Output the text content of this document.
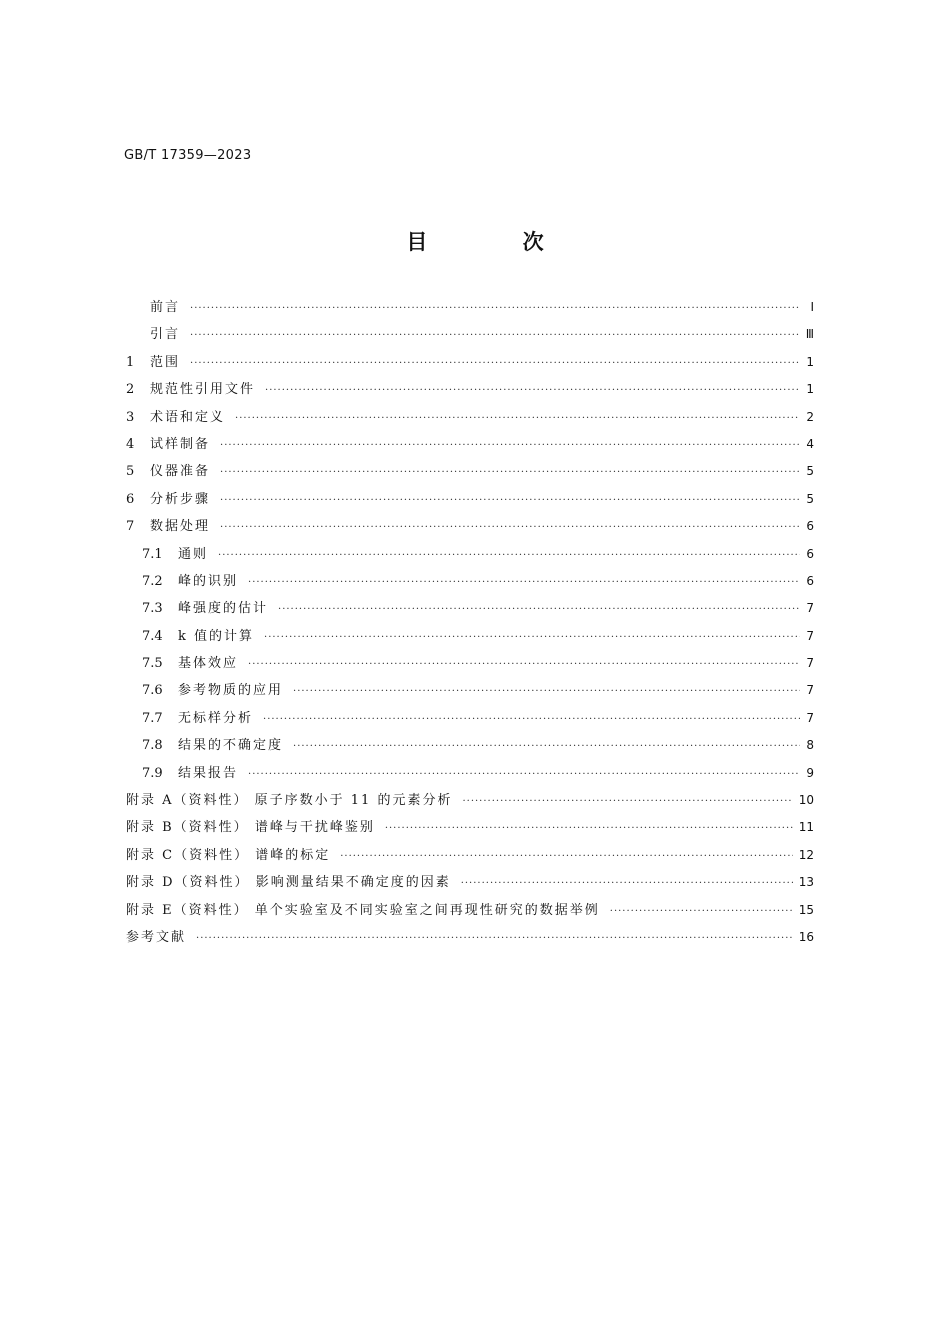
GB/T 17359—2023
目 次
前言 ·····	Ⅰ
引言 ·····	Ⅲ
1	范围 ·····	1
2	规范性引用文件 ·····	1
3	术语和定义 ·····	2
4	试样制备 ·····	4
5	仪器准备 ·····	5
6	分析步骤 ·····	5
7	数据处理 ·····	6
7.1	通则 ·····	6
7.2	峰的识别 ·····	6
7.3	峰强度的估计 ·····	7
7.4	k 值的计算 ·····	7
7.5	基体效应 ·····	7
7.6	参考物质的应用 ·····	7
7.7	无标样分析 ·····	7
7.8	结果的不确定度 ·····	8
7.9	结果报告 ·····	9
附录 A（资料性） 原子序数小于 11 的元素分析 ·····	10
附录 B（资料性） 谱峰与干扰峰鉴别 ·····	11
附录 C（资料性） 谱峰的标定 ·····	12
附录 D（资料性） 影响测量结果不确定度的因素 ·····	13
附录 E（资料性） 单个实验室及不同实验室之间再现性研究的数据举例 ·····	15
参考文献 ·····	16
